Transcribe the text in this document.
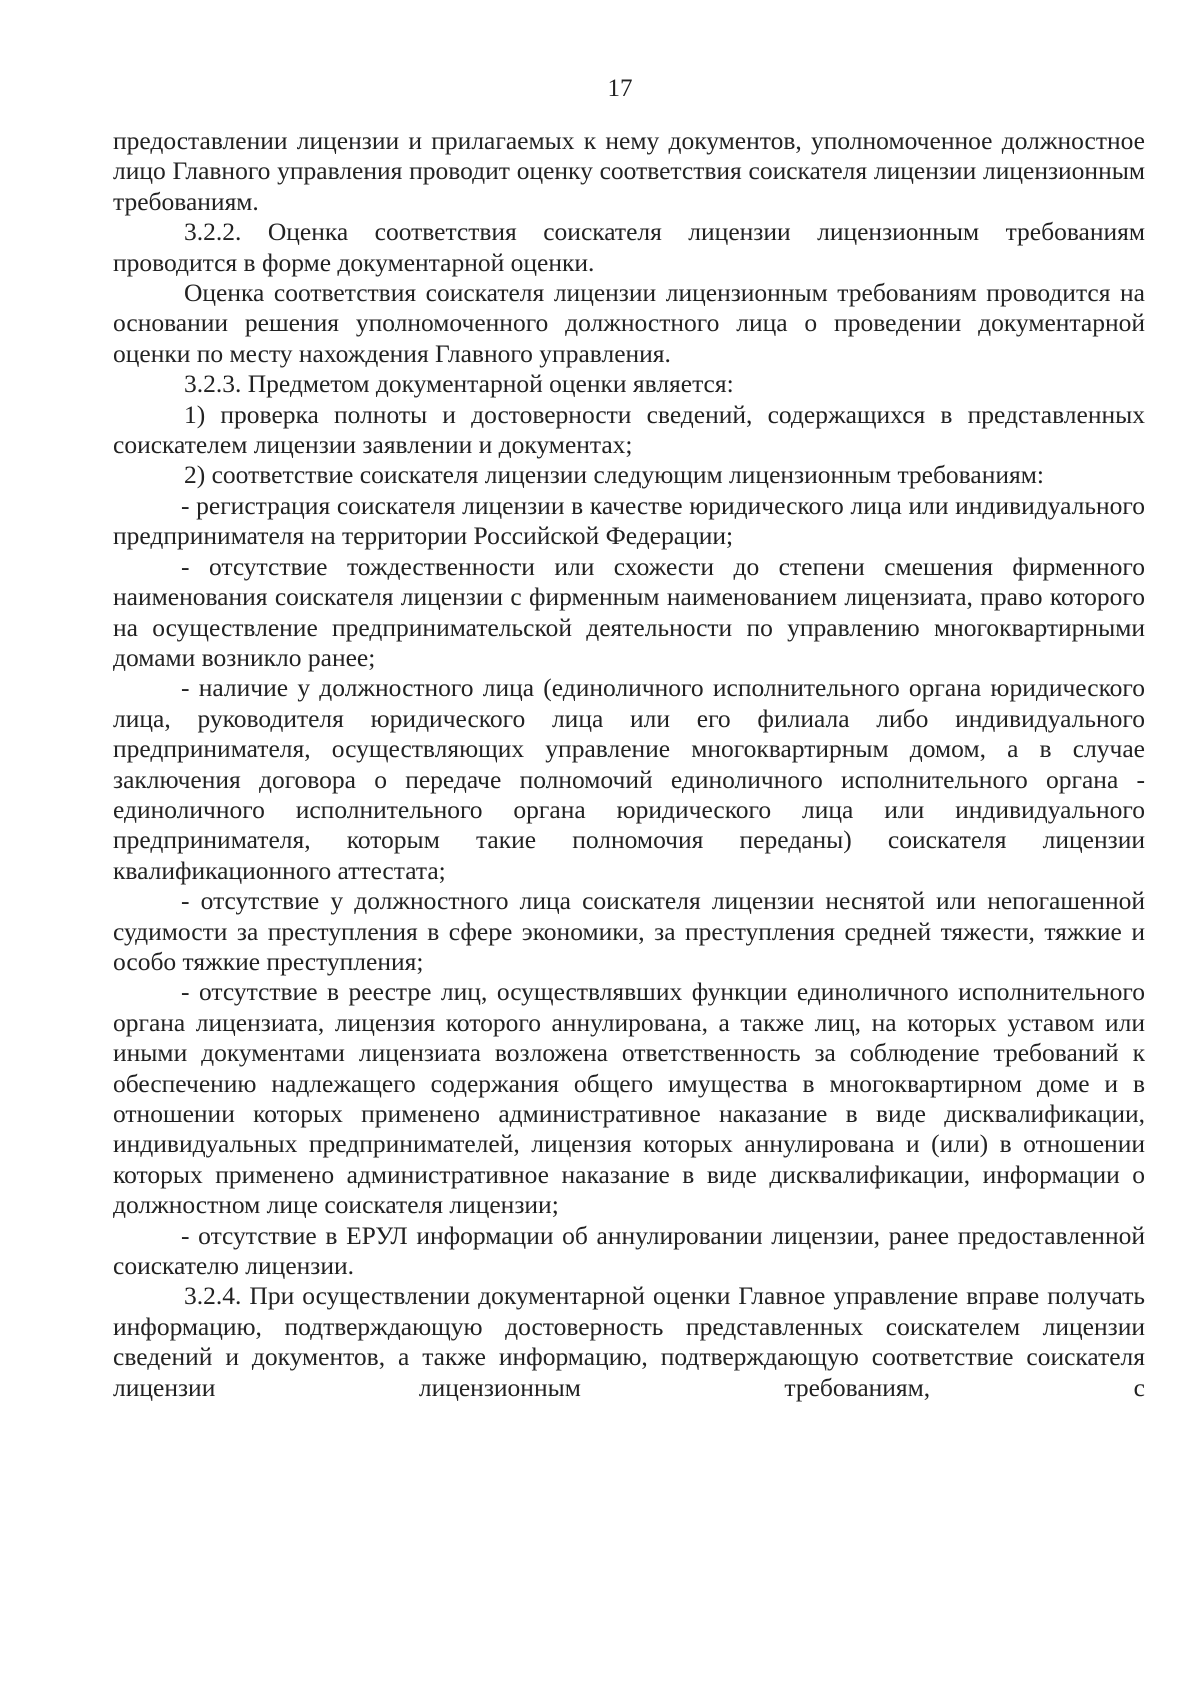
17

предоставлении лицензии и прилагаемых к нему документов, уполномоченное должностное лицо Главного управления проводит оценку соответствия соискателя лицензии лицензионным требованиям.

3.2.2. Оценка соответствия соискателя лицензии лицензионным требованиям проводится в форме документарной оценки.

Оценка соответствия соискателя лицензии лицензионным требованиям проводится на основании решения уполномоченного должностного лица о проведении документарной оценки по месту нахождения Главного управления.

3.2.3. Предметом документарной оценки является:

1) проверка полноты и достоверности сведений, содержащихся в представленных соискателем лицензии заявлении и документах;

2) соответствие соискателя лицензии следующим лицензионным требованиям:

- регистрация соискателя лицензии в качестве юридического лица или индивидуального предпринимателя на территории Российской Федерации;

- отсутствие тождественности или схожести до степени смешения фирменного наименования соискателя лицензии с фирменным наименованием лицензиата, право которого на осуществление предпринимательской деятельности по управлению многоквартирными домами возникло ранее;

- наличие у должностного лица (единоличного исполнительного органа юридического лица, руководителя юридического лица или его филиала либо индивидуального предпринимателя, осуществляющих управление многоквартирным домом, а в случае заключения договора о передаче полномочий единоличного исполнительного органа - единоличного исполнительного органа юридического лица или индивидуального предпринимателя, которым такие полномочия переданы) соискателя лицензии квалификационного аттестата;

- отсутствие у должностного лица соискателя лицензии неснятой или непогашенной судимости за преступления в сфере экономики, за преступления средней тяжести, тяжкие и особо тяжкие преступления;

- отсутствие в реестре лиц, осуществлявших функции единоличного исполнительного органа лицензиата, лицензия которого аннулирована, а также лиц, на которых уставом или иными документами лицензиата возложена ответственность за соблюдение требований к обеспечению надлежащего содержания общего имущества в многоквартирном доме и в отношении которых применено административное наказание в виде дисквалификации, индивидуальных предпринимателей, лицензия которых аннулирована и (или) в отношении которых применено административное наказание в виде дисквалификации, информации о должностном лице соискателя лицензии;

- отсутствие в ЕРУЛ информации об аннулировании лицензии, ранее предоставленной соискателю лицензии.

3.2.4. При осуществлении документарной оценки Главное управление вправе получать информацию, подтверждающую достоверность представленных соискателем лицензии сведений и документов, а также информацию, подтверждающую соответствие соискателя лицензии лицензионным требованиям, с
